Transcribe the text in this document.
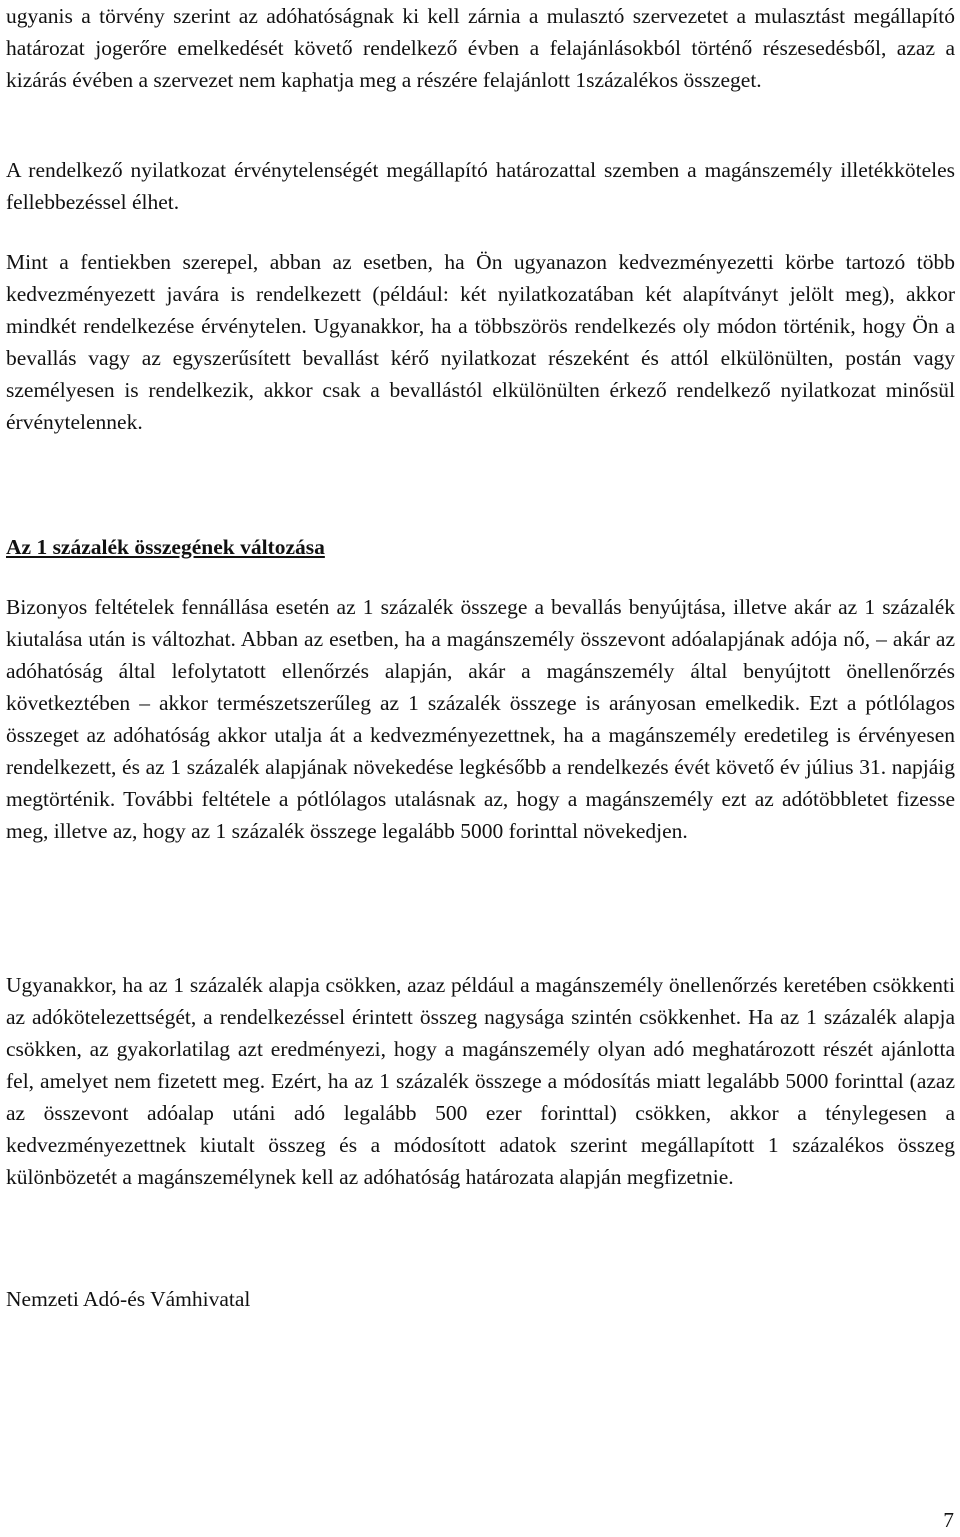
ugyanis a törvény szerint az adóhatóságnak ki kell zárnia a mulasztó szervezetet a mulasztást megállapító határozat jogerőre emelkedését követő rendelkező évben a felajánlásokból történő részesedésből, azaz a kizárás évében a szervezet nem kaphatja meg a részére felajánlott 1százalékos összeget.

A rendelkező nyilatkozat érvénytelenségét megállapító határozattal szemben a magánszemély illetékköteles fellebbezéssel élhet.

Mint a fentiekben szerepel, abban az esetben, ha Ön ugyanazon kedvezményezetti körbe tartozó több kedvezményezett javára is rendelkezett (például: két nyilatkozatában két alapítványt jelölt meg), akkor mindkét rendelkezése érvénytelen. Ugyanakkor, ha a többszörös rendelkezés oly módon történik, hogy Ön a bevallás vagy az egyszerűsített bevallást kérő nyilatkozat részeként és attól elkülönülten, postán vagy személyesen is rendelkezik, akkor csak a bevallástól elkülönülten érkező rendelkező nyilatkozat minősül érvénytelennek.

Az 1 százalék összegének változása

Bizonyos feltételek fennállása esetén az 1 százalék összege a bevallás benyújtása, illetve akár az 1 százalék kiutalása után is változhat. Abban az esetben, ha a magánszemély összevont adóalapjának adója nő, – akár az adóhatóság által lefolytatott ellenőrzés alapján, akár a magánszemély által benyújtott önellenőrzés következtében – akkor természetszerűleg az 1 százalék összege is arányosan emelkedik. Ezt a pótlólagos összeget az adóhatóság akkor utalja át a kedvezményezettnek, ha a magánszemély eredetileg is érvényesen rendelkezett, és az 1 százalék alapjának növekedése legkésőbb a rendelkezés évét követő év július 31. napjáig megtörténik. További feltétele a pótlólagos utalásnak az, hogy a magánszemély ezt az adótöbbletet fizesse meg, illetve az, hogy az 1 százalék összege legalább 5000 forinttal növekedjen.

Ugyanakkor, ha az 1 százalék alapja csökken, azaz például a magánszemély önellenőrzés keretében csökkenti az adókötelezettségét, a rendelkezéssel érintett összeg nagysága szintén csökkenhet. Ha az 1 százalék alapja csökken, az gyakorlatilag azt eredményezi, hogy a magánszemély olyan adó meghatározott részét ajánlotta fel, amelyet nem fizetett meg. Ezért, ha az 1 százalék összege a módosítás miatt legalább 5000 forinttal (azaz az összevont adóalap utáni adó legalább 500 ezer forinttal) csökken, akkor a ténylegesen a kedvezményezettnek kiutalt összeg és a módosított adatok szerint megállapított 1 százalékos összeg különbözetét a magánszemélynek kell az adóhatóság határozata alapján megfizetnie.

Nemzeti Adó-és Vámhivatal

7
